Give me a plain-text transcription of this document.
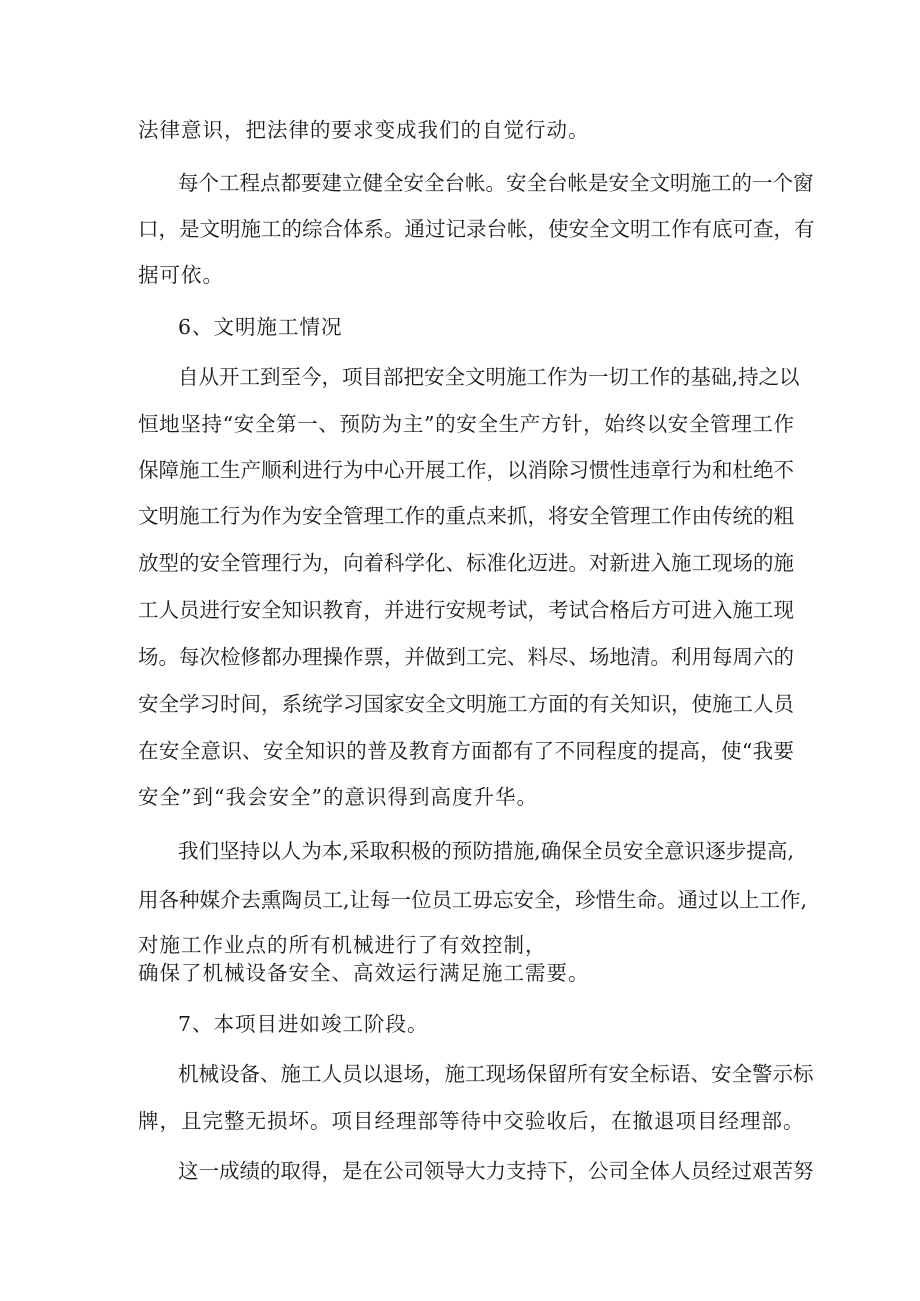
法律意识，把法律的要求变成我们的自觉行动。
每个工程点都要建立健全安全台帐。安全台帐是安全文明施工的一个窗
口，是文明施工的综合体系。通过记录台帐，使安全文明工作有底可查，有
据可依。
6、文明施工情况
自从开工到至今，项目部把安全文明施工作为一切工作的基础,持之以
恒地坚持“安全第一、预防为主”的安全生产方针，始终以安全管理工作
保障施工生产顺利进行为中心开展工作，以消除习惯性违章行为和杜绝不
文明施工行为作为安全管理工作的重点来抓，将安全管理工作由传统的粗
放型的安全管理行为，向着科学化、标准化迈进。对新进入施工现场的施
工人员进行安全知识教育，并进行安规考试，考试合格后方可进入施工现
场。每次检修都办理操作票，并做到工完、料尽、场地清。利用每周六的
安全学习时间，系统学习国家安全文明施工方面的有关知识，使施工人员
在安全意识、安全知识的普及教育方面都有了不同程度的提高，使“我要
安全”到“我会安全”的意识得到高度升华。
我们坚持以人为本,采取积极的预防措施,确保全员安全意识逐步提高,
用各种媒介去熏陶员工,让每一位员工毋忘安全，珍惜生命。通过以上工作,
对施工作业点的所有机械进行了有效控制，
确保了机械设备安全、高效运行满足施工需要。
7、本项目进如竣工阶段。
机械设备、施工人员以退场，施工现场保留所有安全标语、安全警示标
牌，且完整无损坏。项目经理部等待中交验收后，在撤退项目经理部。
这一成绩的取得，是在公司领导大力支持下，公司全体人员经过艰苦努
